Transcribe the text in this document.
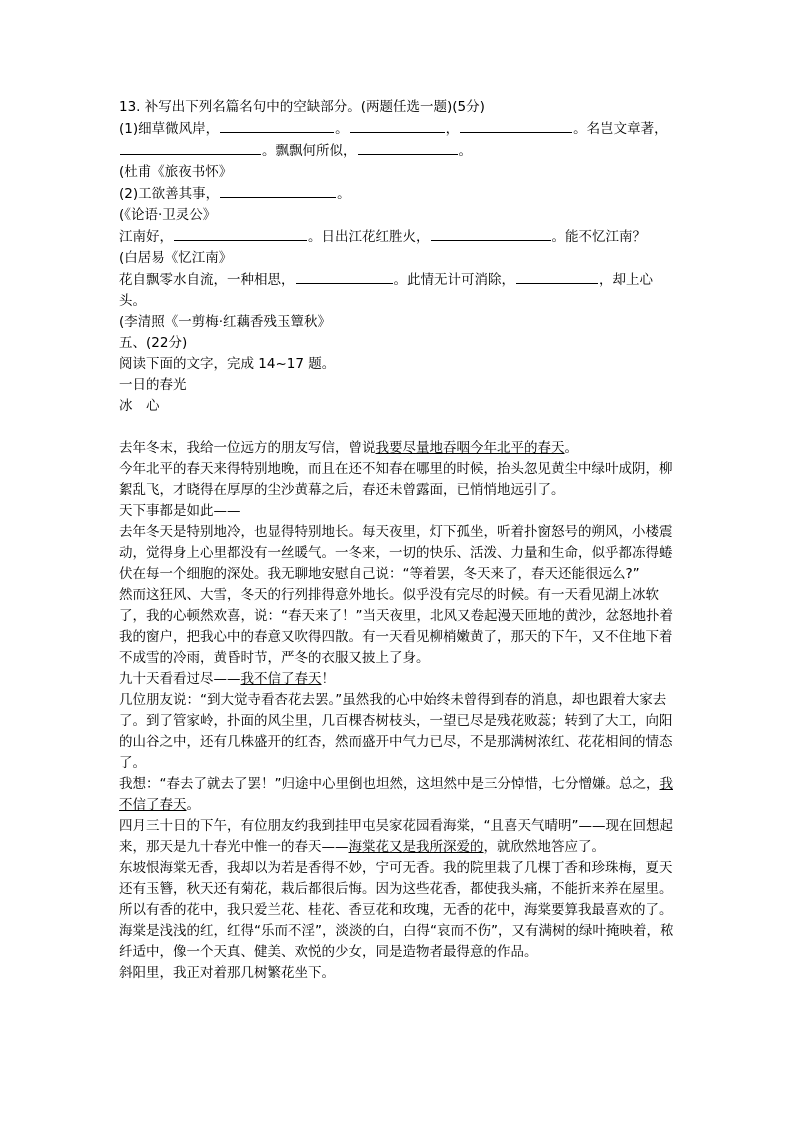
13. 补写出下列名篇名句中的空缺部分。(两题任选一题)(5分)
(1)细草微风岸，	。	，	。名岂文章著，
。飘飘何所似，	。
(杜甫《旅夜书怀》
(2)工欲善其事，	。
(《论语·卫灵公》
江南好，	。日出江花红胜火，	。能不忆江南？
(白居易《忆江南》
花自飘零水自流，一种相思，	。此情无计可消除，	，却上心头。
(李清照《一剪梅·红藕香残玉簟秋》
五、(22分)
阅读下面的文字，完成 14~17 题。
一日的春光
冰　心
去年冬末，我给一位远方的朋友写信，曾说我要尽量地吞咽今年北平的春天。
今年北平的春天来得特别地晚，而且在还不知春在哪里的时候，抬头忽见黄尘中绿叶成阴，柳絮乱飞，才晓得在厚厚的尘沙黄幕之后，春还未曾露面，已悄悄地远引了。
天下事都是如此——
去年冬天是特别地冷，也显得特别地长。每天夜里，灯下孤坐，听着扑窗怒号的朔风，小楼震动，觉得身上心里都没有一丝暖气。一冬来，一切的快乐、活泼、力量和生命，似乎都冻得蜷伏在每一个细胞的深处。我无聊地安慰自己说：“等着罢，冬天来了，春天还能很远么?”
然而这狂风、大雪，冬天的行列排得意外地长。似乎没有完尽的时候。有一天看见湖上冰软了，我的心顿然欢喜，说：“春天来了！”当天夜里，北风又卷起漫天匝地的黄沙，忿怒地扑着我的窗户，把我心中的春意又吹得四散。有一天看见柳梢嫩黄了，那天的下午，又不住地下着不成雪的冷雨，黄昏时节，严冬的衣服又披上了身。
九十天看看过尽——我不信了春天！
几位朋友说：“到大觉寺看杏花去罢。”虽然我的心中始终未曾得到春的消息，却也跟着大家去了。到了管家岭，扑面的风尘里，几百棵杏树枝头，一望已尽是残花败蕊；转到了大工，向阳的山谷之中，还有几株盛开的红杏，然而盛开中气力已尽，不是那满树浓红、花花相间的情态了。
我想：“春去了就去了罢！”归途中心里倒也坦然，这坦然中是三分悼惜，七分憎嫌。总之，我不信了春天。
四月三十日的下午，有位朋友约我到挂甲屯吴家花园看海棠，“且喜天气晴明”——现在回想起来，那天是九十春光中惟一的春天——海棠花又是我所深爱的，就欣然地答应了。
东坡恨海棠无香，我却以为若是香得不妙，宁可无香。我的院里栽了几棵丁香和珍珠梅，夏天还有玉簪，秋天还有菊花，栽后都很后悔。因为这些花香，都使我头痛，不能折来养在屋里。所以有香的花中，我只爱兰花、桂花、香豆花和玫瑰，无香的花中，海棠要算我最喜欢的了。
海棠是浅浅的红，红得“乐而不淫”，淡淡的白，白得“哀而不伤”，又有满树的绿叶掩映着，秾纤适中，像一个天真、健美、欢悦的少女，同是造物者最得意的作品。
斜阳里，我正对着那几树繁花坐下。
